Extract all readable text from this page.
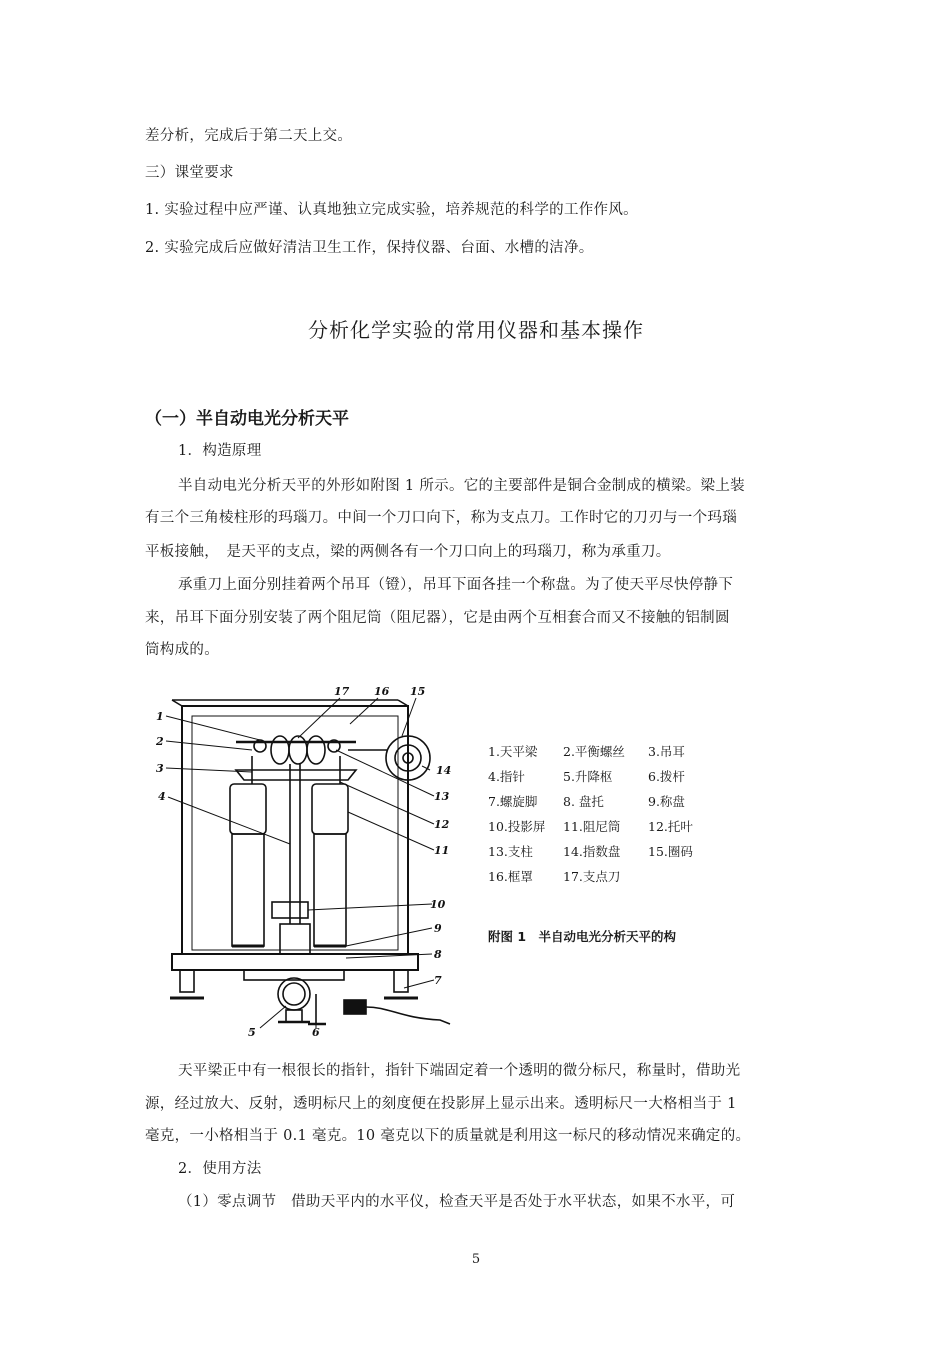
差分析，完成后于第二天上交。
三）课堂要求
1. 实验过程中应严谨、认真地独立完成实验，培养规范的科学的工作作风。
2. 实验完成后应做好清洁卫生工作，保持仪器、台面、水槽的洁净。
分析化学实验的常用仪器和基本操作
（一）半自动电光分析天平
1．构造原理
半自动电光分析天平的外形如附图 1 所示。它的主要部件是铜合金制成的横梁。梁上装
有三个三角棱柱形的玛瑙刀。中间一个刀口向下，称为支点刀。工作时它的刀刃与一个玛瑙
平板接触，　是天平的支点，梁的两侧各有一个刀口向上的玛瑙刀，称为承重刀。
承重刀上面分别挂着两个吊耳（镫），吊耳下面各挂一个称盘。为了使天平尽快停静下
来，吊耳下面分别安装了两个阻尼筒（阻尼器），它是由两个互相套合而又不接触的铝制圆
筒构成的。
1
2
3
4
5	6
7
8
9
10
11
12
13
14
15
16
17
1.天平梁	2.平衡螺丝	3.吊耳
4.指针	5.升降枢	6.拨杆
7.螺旋脚	8. 盘托	9.称盘
10.投影屏	11.阻尼筒	12.托叶
13.支柱	14.指数盘	15.圈码
16.框罩	17.支点刀
附图 1　半自动电光分析天平的构
天平梁正中有一根很长的指针，指针下端固定着一个透明的微分标尺，称量时，借助光
源，经过放大、反射，透明标尺上的刻度便在投影屏上显示出来。透明标尺一大格相当于 1
毫克，一小格相当于 0.1 毫克。10 毫克以下的质量就是利用这一标尺的移动情况来确定的。
2．使用方法
（1）零点调节　借助天平内的水平仪，检查天平是否处于水平状态，如果不水平，可
5
